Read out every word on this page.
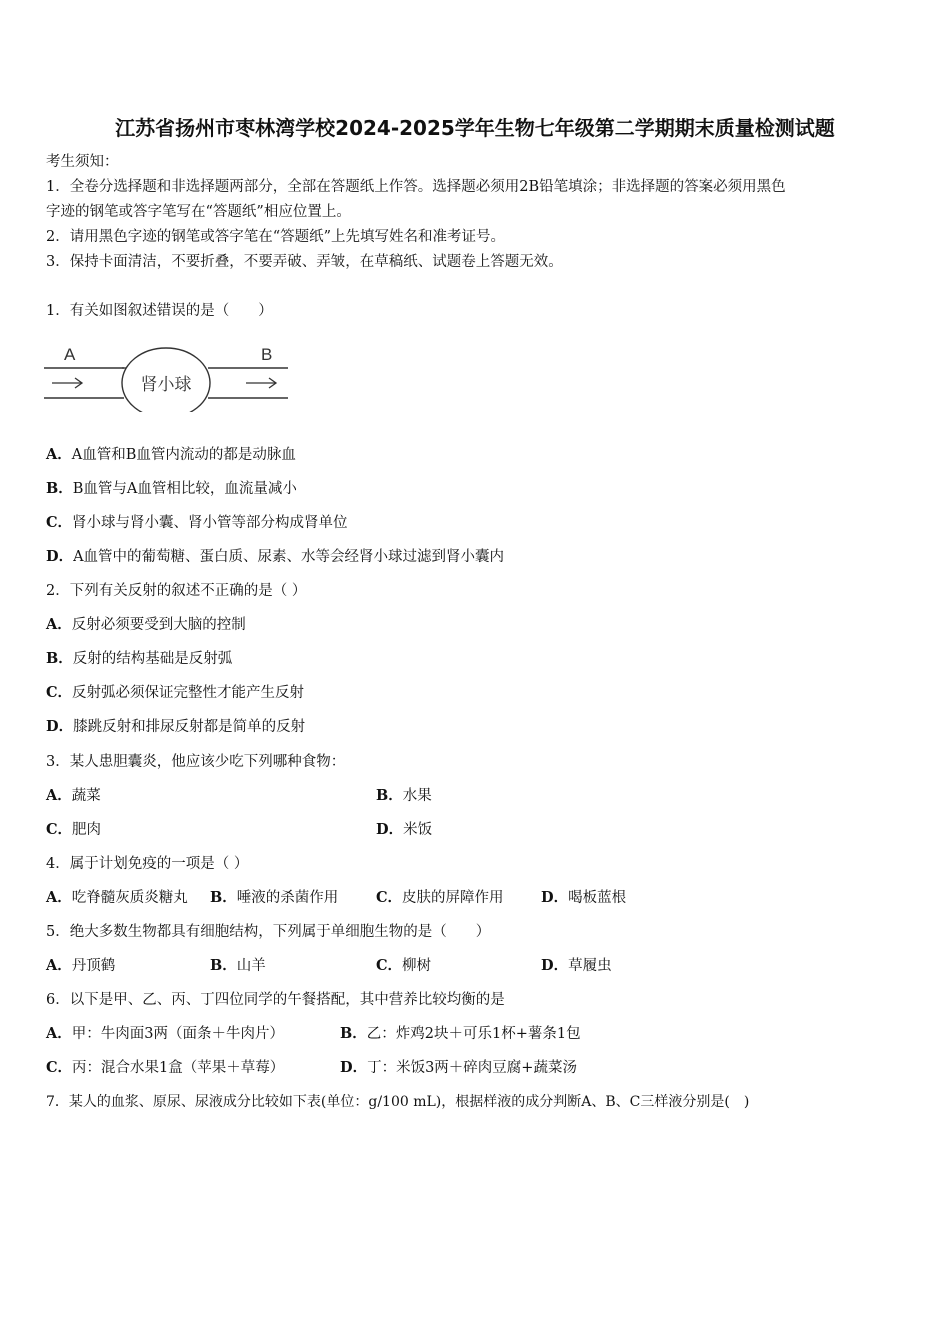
江苏省扬州市枣林湾学校2024-2025学年生物七年级第二学期期末质量检测试题
考生须知：
1．全卷分选择题和非选择题两部分，全部在答题纸上作答。选择题必须用2B铅笔填涂；非选择题的答案必须用黑色
字迹的钢笔或答字笔写在“答题纸”相应位置上。
2．请用黑色字迹的钢笔或答字笔在“答题纸”上先填写姓名和准考证号。
3．保持卡面清洁，不要折叠，不要弄破、弄皱，在草稿纸、试题卷上答题无效。
1．有关如图叙述错误的是（　　）
A	B
肾小球
A．A血管和B血管内流动的都是动脉血
B．B血管与A血管相比较，血流量减小
C．肾小球与肾小囊、肾小管等部分构成肾单位
D．A血管中的葡萄糖、蛋白质、尿素、水等会经肾小球过滤到肾小囊内
2．下列有关反射的叙述不正确的是（ ）
A．反射必须要受到大脑的控制
B．反射的结构基础是反射弧
C．反射弧必须保证完整性才能产生反射
D．膝跳反射和排尿反射都是简单的反射
3．某人患胆囊炎，他应该少吃下列哪种食物：
A．蔬菜	B．水果
C．肥肉	D．米饭
4．属于计划免疫的一项是（ ）
A．吃脊髓灰质炎糖丸 B．唾液的杀菌作用	C．皮肤的屏障作用	D．喝板蓝根
5．绝大多数生物都具有细胞结构，下列属于单细胞生物的是（　　）
A．丹顶鹤	B．山羊	C．柳树	D．草履虫
6．以下是甲、乙、丙、丁四位同学的午餐搭配，其中营养比较均衡的是
A．甲：牛肉面3两（面条＋牛肉片）	B．乙：炸鸡2块＋可乐1杯+薯条1包
C．丙：混合水果1盒（苹果＋草莓）	D．丁：米饭3两＋碎肉豆腐+蔬菜汤
7．某人的血浆、原尿、尿液成分比较如下表(单位：g/100 mL)，根据样液的成分判断A、B、C三样液分别是(　)
